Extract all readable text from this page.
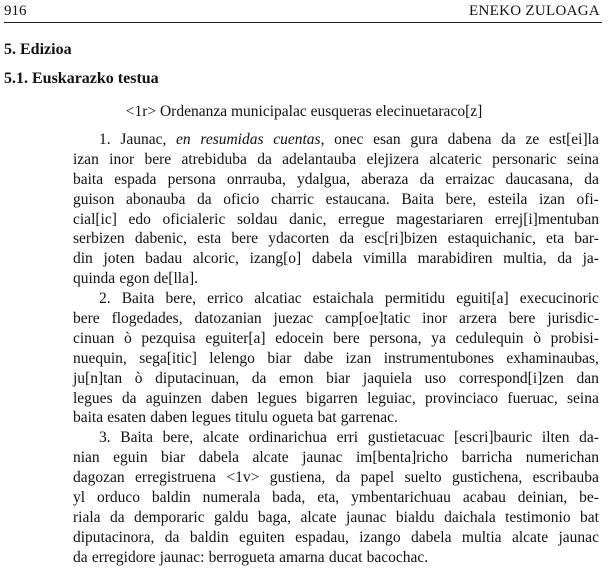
916	ENEKO ZULOAGA
5. Edizioa
5.1. Euskarazko testua
<1r> Ordenanza municipalac eusqueras elecinuetaraco[z]
1. Jaunac, en resumidas cuentas, onec esan gura dabena da ze est[ei]la
izan inor bere atrebiduba da adelantauba elejizera alcateric personaric seina
baita espada persona onrrauba, ydalgua, aberaza da erraizac daucasana, da
guison abonauba da oficio charric estaucana. Baita bere, esteila izan ofi-
cial[ic] edo oficialeric soldau danic, erregue magestariaren errej[i]mentuban
serbizen dabenic, esta bere ydacorten da esc[ri]bizen estaquichanic, eta bar-
din joten badau alcoric, izang[o] dabela vimilla marabidiren multia, da ja-
quinda egon de[lla].
2. Baita bere, errico alcatiac estaichala permitidu eguiti[a] execucinoric
bere flogedades, datozanian juezac camp[oe]tatic inor arzera bere jurisdic-
cinuan ò pezquisa eguiter[a] edocein bere persona, ya cedulequin ò probisi-
nuequin, sega[itic] lelengo biar dabe izan instrumentubones exhaminaubas,
ju[n]tan ò diputacinuan, da emon biar jaquiela uso correspond[i]zen dan
legues da aguinzen daben legues bigarren leguiac, provinciaco fueruac, seina
baita esaten daben legues titulu ogueta bat garrenac.
3. Baita bere, alcate ordinarichua erri gustietacuac [escri]bauric ilten da-
nian eguin biar dabela alcate jaunac im[benta]richo barricha numerichan
dagozan erregistruena <1v> gustiena, da papel suelto gustichena, escribauba
yl orduco baldin numerala bada, eta, ymbentarichuau acabau deinian, be-
riala da demporaric galdu baga, alcate jaunac bialdu daichala testimonio bat
diputacinora, da baldin eguiten espadau, izango dabela multia alcate jaunac
da erregidore jaunac: berrogueta amarna ducat bacochac.
